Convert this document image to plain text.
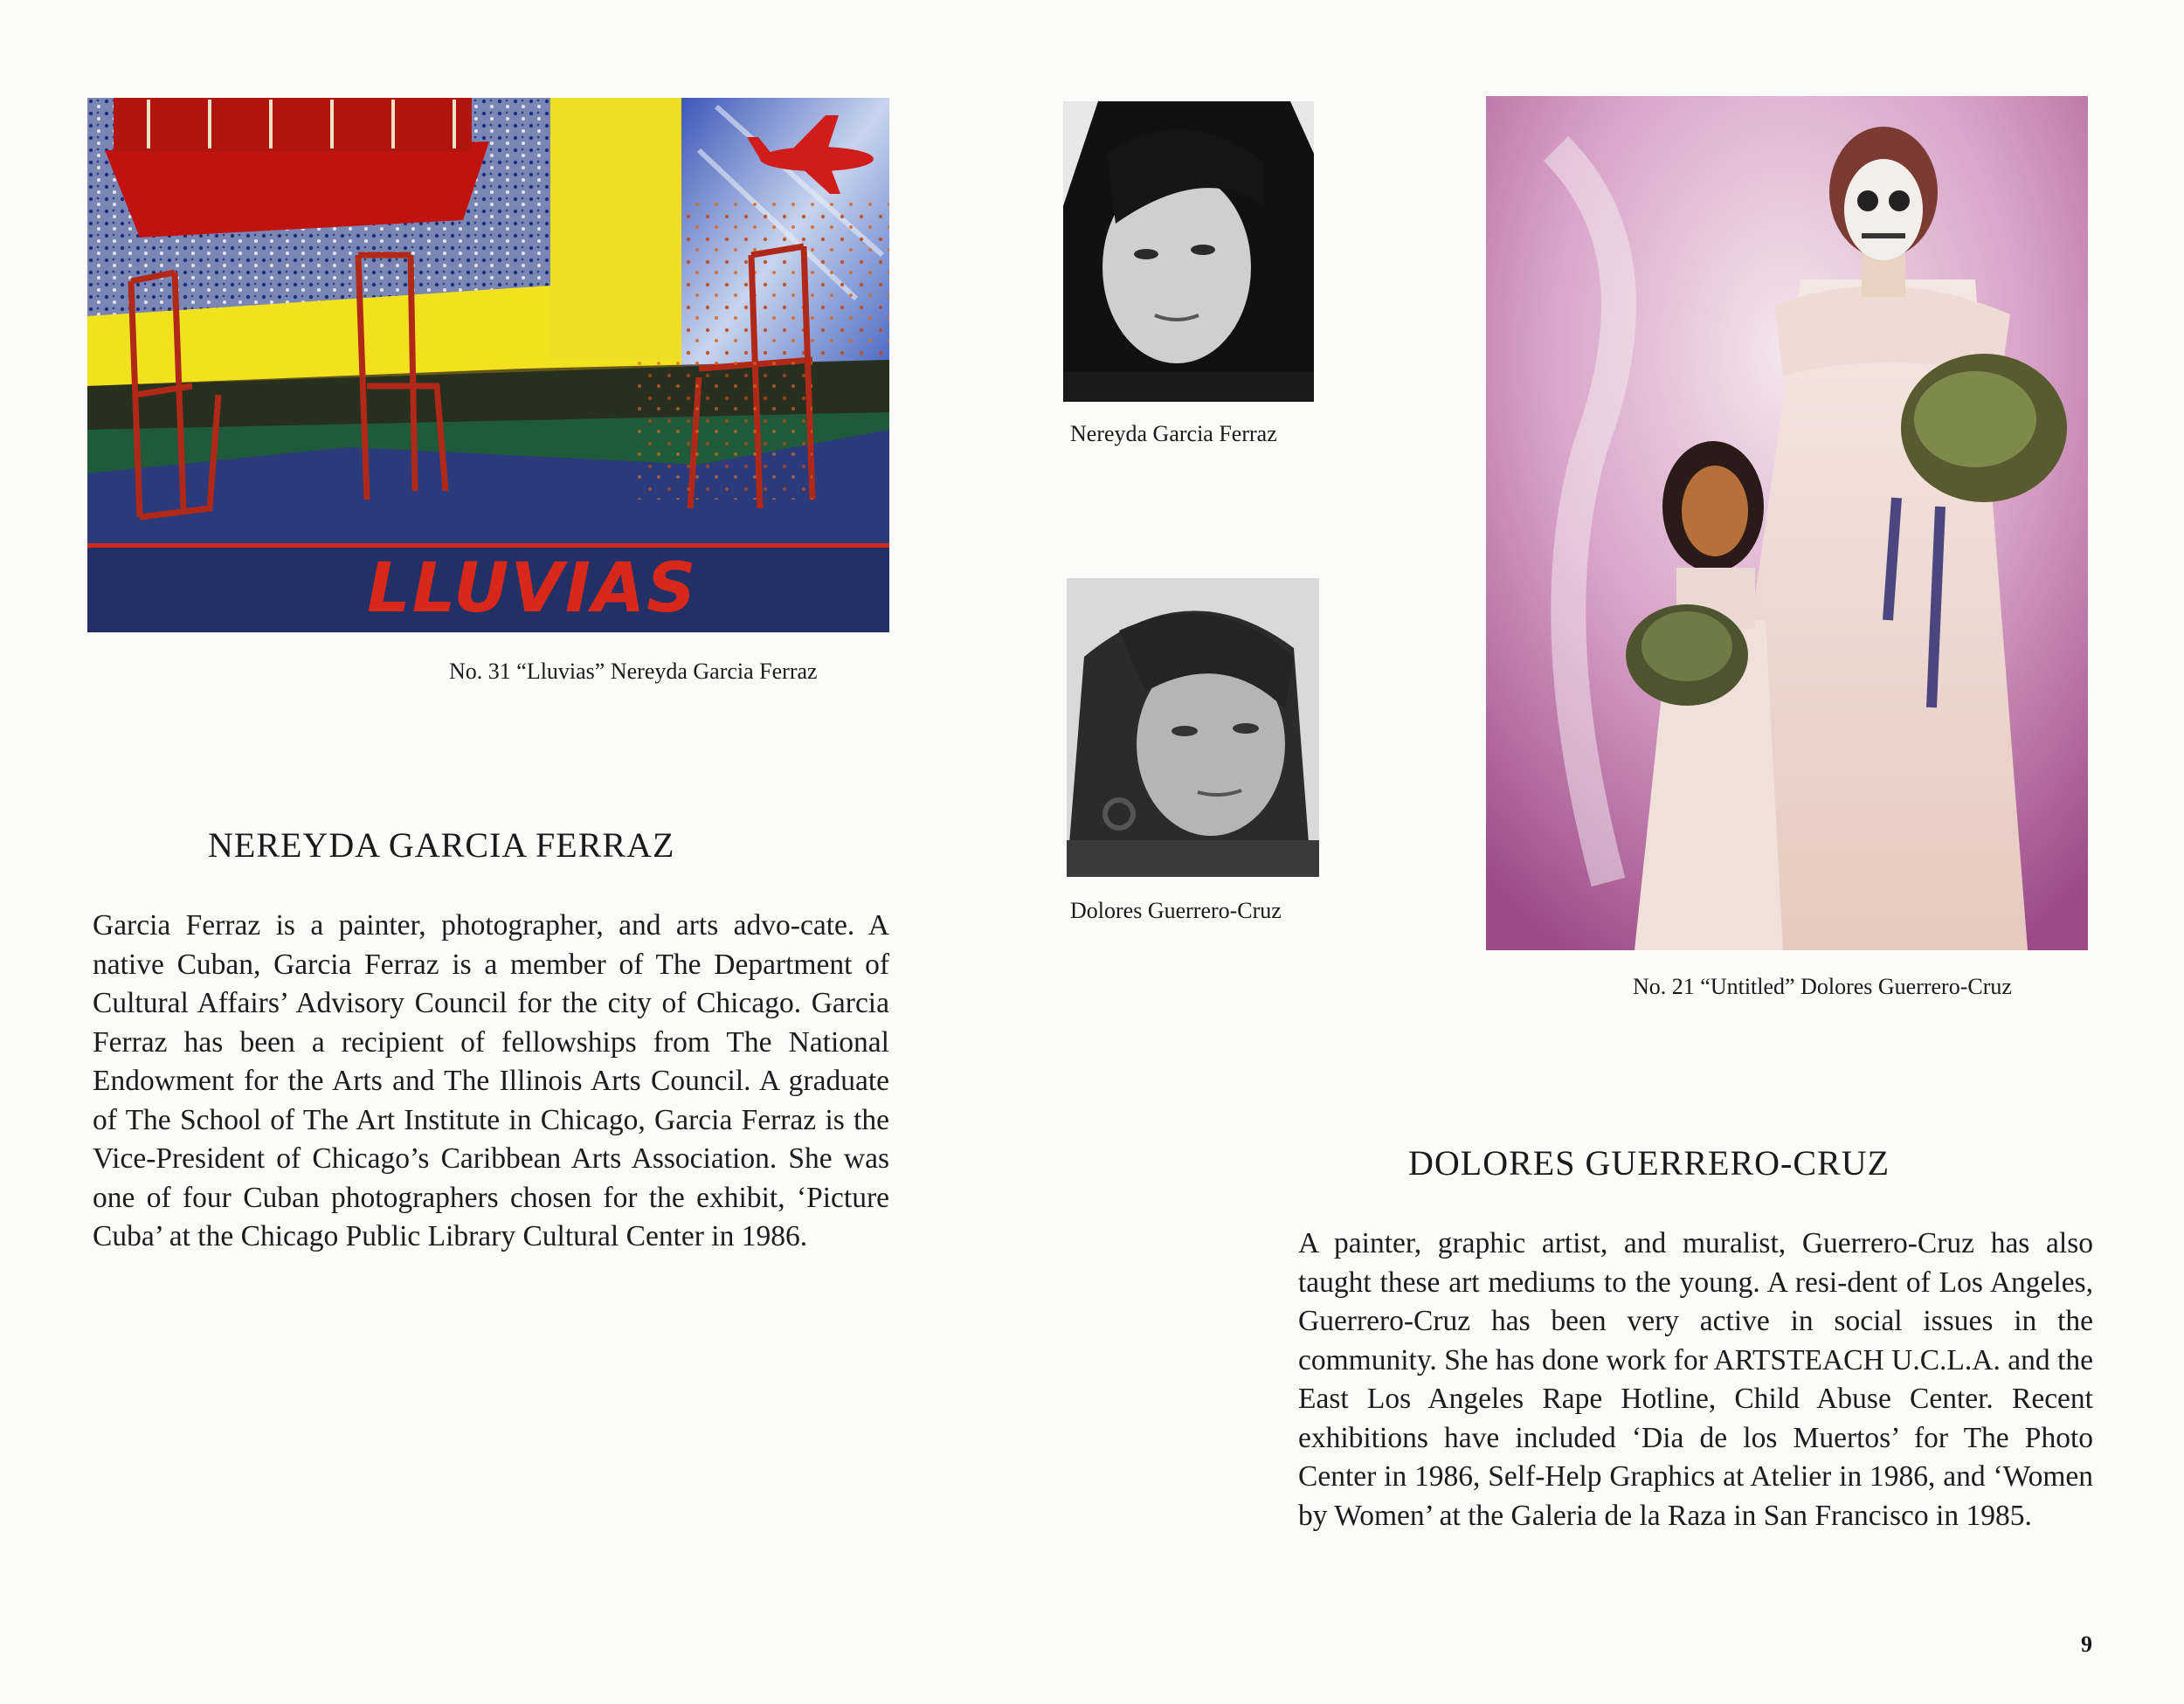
LLUVIAS
No. 31 “Lluvias” Nereyda Garcia Ferraz
NEREYDA GARCIA FERRAZ

Garcia Ferraz is a painter, photographer, and arts advo-cate. A native Cuban, Garcia Ferraz is a member of The Department of Cultural Affairs’ Advisory Council for the city of Chicago. Garcia Ferraz has been a recipient of fellowships from The National Endowment for the Arts and The Illinois Arts Council. A graduate of The School of The Art Institute in Chicago, Garcia Ferraz is the Vice-President of Chicago’s Caribbean Arts Association. She was one of four Cuban photographers chosen for the exhibit, ‘Picture Cuba’ at the Chicago Public Library Cultural Center in 1986.

Nereyda Garcia Ferraz
Dolores Guerrero-Cruz
No. 21 “Untitled” Dolores Guerrero-Cruz
DOLORES GUERRERO-CRUZ

A painter, graphic artist, and muralist, Guerrero-Cruz has also taught these art mediums to the young. A resi-dent of Los Angeles, Guerrero-Cruz has been very active in social issues in the community. She has done work for ARTSTEACH U.C.L.A. and the East Los Angeles Rape Hotline, Child Abuse Center. Recent exhibitions have included ‘Dia de los Muertos’ for The Photo Center in 1986, Self-Help Graphics at Atelier in 1986, and ‘Women by Women’ at the Galeria de la Raza in San Francisco in 1985.

9
